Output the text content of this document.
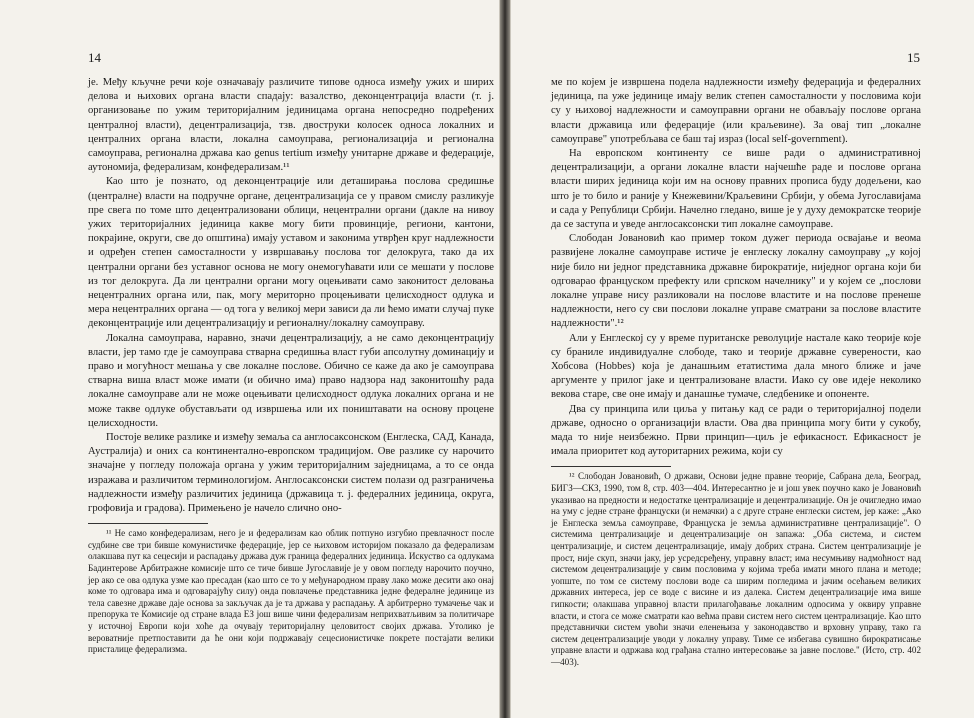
14

је. Међу кључне речи које означавају различите типове односа између ужих и ширих делова и њихових органа власти спадају: вазалство, деконцентрација власти (т. ј. организовање по ужим територијалним јединицама органа непосредно подређених централној власти), децентрализација, тзв. двоструки колосек односа локалних и централних органа власти, локална самоуправа, регионализација и регионална самоуправа, регионална држава као genus tertium између унитарне државе и федерације, аутономија, федерализам, конфедерализам.¹¹

Као што је познато, од деконцентрације или деташирања послова средишње (централне) власти на подручне органе, децентрализација се у правом смислу разликује пре свега по томе што децентрализовани облици, нецентрални органи (дакле на нивоу ужих територијалних јединица какве могу бити провинције, региони, кантони, покрајине, округи, све до општина) имају уставом и законима утврђен круг надлежности и одређен степен самосталности у извршавању послова тог делокруга, тако да их централни органи без уставног основа не могу онемогућавати или се мешати у послове из тог делокруга. Да ли централни органи могу оцењивати само законитост деловања нецентралних органа или, пак, могу мериторно процењивати целисходност одлука и мера нецентралних органа — од тога у великој мери зависи да ли ћемо имати случај пуке деконцентрације или децентрализацију и регионалну/локалну самоуправу.

Локална самоуправа, наравно, значи децентрализацију, а не само деконцентрацију власти, јер тамо где је самоуправа стварна средишња власт губи апсолутну доминацију и право и могућност мешања у све локалне послове. Обично се каже да ако је самоуправа стварна виша власт може имати (и обично има) право надзора над законитошћу рада локалне самоуправе али не може оцењивати целисходност одлука локалних органа и не може такве одлуке обустављати од извршења или их поништавати на основу процене целисходности.

Постоје велике разлике и између земаља са англосаксонском (Енглеска, САД, Канада, Аустралија) и оних са континентално-европском традицијом. Ове разлике су нарочито значајне у погледу положаја органа у ужим територијалним заједницама, а то се онда изражава и различитом терминологијом. Англосаксонски систем полази од разграничења надлежности између различитих јединица (државица т. ј. федералних јединица, округа, грофовија и градова). Примењено је начело слично оно-

¹¹ Не само конфедерализам, него је и федерализам као облик потпуно изгубио превлачност после судбине све три бивше комунистичке федерације, јер се њиховом историјом показало да федерализам олакшава пут ка сецесији и распадању држава дуж граница федералних јединица. Искуство са одлукама Бадинтерове Арбитражне комисије што се тиче бивше Југославије је у овом погледу нарочито поучно, јер ако се ова одлука узме као пресадан (као што се то у међународном праву лако може десити ако онај коме то одговара има и одговарајућу силу) онда повлачење представника једне федералне јединице из тела савезне државе даје основа за закључак да је та држава у распадању. А арбитрерно тумачење чак и препорука те Комисије од стране влада ЕЗ још више чини федерализам неприхватљивим за политичаре у источној Европи који хоће да очувају територијалну целовитост својих држава. Утолико је вероватније претпоставити да ће они који подржавају сецесионистичке покрете постајати велики присталице федерализма.

15

ме по којем је извршена подела надлежности између федерација и федералних јединица, па уже јединице имају велик степен самосталности у пословима који су у њиховој надлежности и самоуправни органи не обављају послове органа власти државица или федерације (или краљевине). За овај тип „локалне самоуправе" употребљава се баш тај израз (local self-government).

На европском континенту се више ради о административној децентрализацији, а органи локалне власти најчешће раде и послове органа власти ширих јединица који им на основу правних прописа буду додељени, као што је то било и раније у Кнежевини/Краљевини Србији, у обема Југославијама и сада у Републици Србији. Начелно гледано, више је у духу демократске теорије да се заступа и уведе англосаксонски тип локалне самоуправе.

Слободан Јовановић као пример током дужег периода освајање и веома развијене локалне самоуправе истиче је енглеску локалну самоуправу „у којој није било ни једног представника државне бирократије, ниједног органа који би одговарао француском префекту или српском начелнику" и у којем се „послови локалне управе нису разликовали на послове властите и на послове пренеше надлежности, него су сви послови локалне управе сматрани за послове властите надлежности".¹²

Али у Енглеској су у време пуританске револуције настале како теорије које су браниле индивидуалне слободе, тако и теорије државне суверености, као Хобсова (Hobbes) која је данашњим етатистима дала много ближе и јаче аргументе у прилог јаке и централизоване власти. Иако су ове идеје неколико векова старе, све оне имају и данашње тумаче, следбенике и опоненте.

Два су принципа или циља у питању кад се ради о територијалној подели државе, односно о организацији власти. Ова два принципа могу бити у сукобу, мада то није неизбежно. Први принцип—циљ је ефикасност. Ефикасност је имала приоритет код ауторитарних режима, који су

¹² Слободан Јовановић, О држави, Основи једне правне теорије, Сабрана дела, Београд, БИГЗ—СКЗ, 1990, том 8, стр. 403—404. Интересантно је и још увек поучно како је Јовановић указивао на предности и недостатке централизације и децентрализације. Он је очигледно имао на уму с једне стране француски (и немачки) а с друге стране енглески систем, јер каже: „Ако је Енглеска земља самоуправе, Француска је земља административне централизације". О системима централизације и децентрализације он запажа: „Оба система, и систем централизације, и систем децентрализације, имају добрих страна. Систем централизације је прост, није скуп, значи јаку, јер усредсређену, управну власт; има несумњиву надмоћност над системом децентрализације у свим пословима у којима треба имати много плана и методе; уопште, по том се систему послови воде са ширим погледима и јачим осећањем великих државних интереса, јер се воде с висине и из далека. Систем децентрализације има више гипкости; олакшава управној власти прилагођавање локалним одnосима у оквиру управне власти, и стога се може сматрати као већма прави систем него систем централизације. Као што представнички систем увоћи значи еленењиза у законодавство и врховну управу, тако га систем децентрализације уводи у локалну управу. Тиме се избегава сувишно бирократисање управне власти и одржава код грађана стално интересовање за јавне послове." (Исто, стр. 402—403).
